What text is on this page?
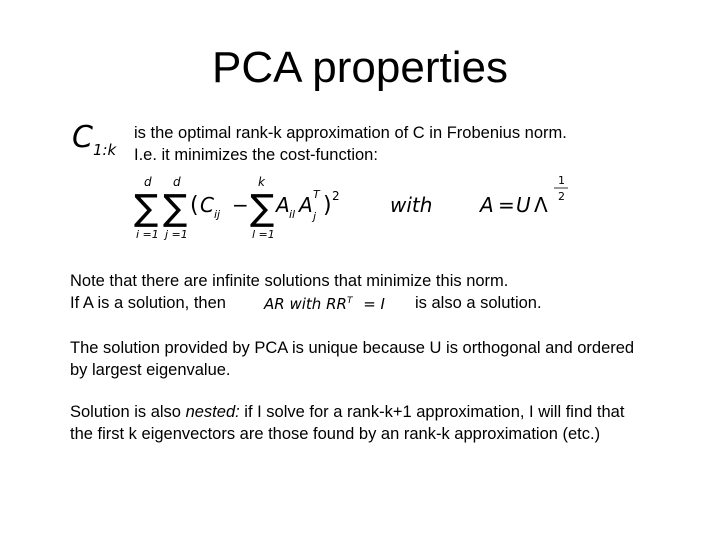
PCA properties
$C_{1:k}$
is the optimal rank-k approximation of C in Frobenius norm.
I.e. it minimizes the cost-function:
d
∑
i =1
d
∑
j =1
( C ij −
k
∑
l =1
A il A T
j ) 2	with A = U Λ
1
2
Note that there are infinite solutions that minimize this norm.
If A is a solution, then	AR with $RR^T = I$ is also a solution.
The solution provided by PCA is unique because U is orthogonal and ordered
by largest eigenvalue.
Solution is also nested: if I solve for a rank-k+1 approximation, I will find that
the first k eigenvectors are those found by an rank-k approximation (etc.)
